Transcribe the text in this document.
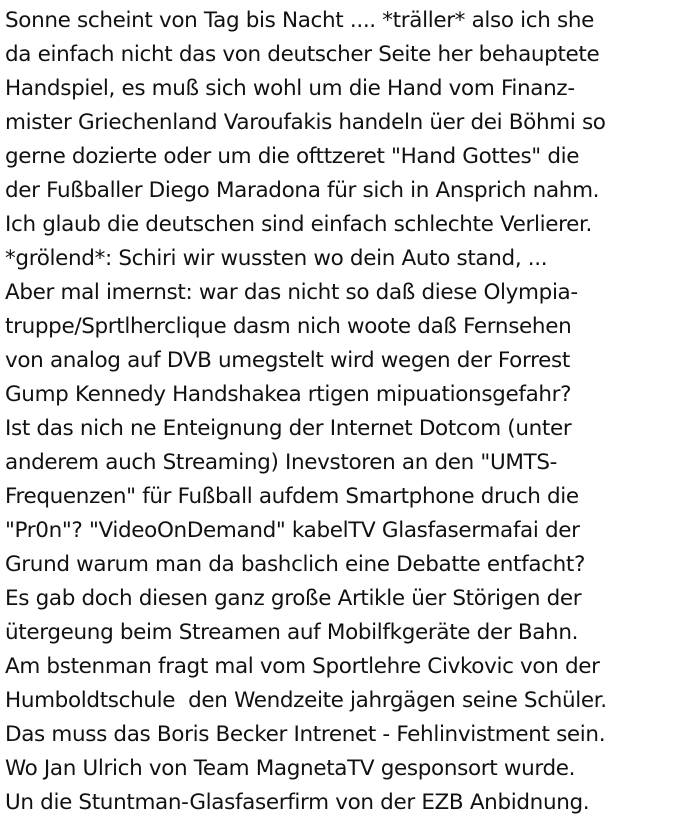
Sonne scheint von Tag bis Nacht .... *träller* also ich she
da einfach nicht das von deutscher Seite her behauptete
Handspiel, es muß sich wohl um die Hand vom Finanz-
mister Griechenland Varoufakis handeln üer dei Böhmi so
gerne dozierte oder um die ofttzeret "Hand Gottes" die
der Fußballer Diego Maradona für sich in Ansprich nahm.
Ich glaub die deutschen sind einfach schlechte Verlierer.
*grölend*: Schiri wir wussten wo dein Auto stand, ...
Aber mal imernst: war das nicht so daß diese Olympia-
truppe/Sprtlherclique dasm nich woote daß Fernsehen
von analog auf DVB umegstelt wird wegen der Forrest
Gump Kennedy Handshakea rtigen mipuationsgefahr?
Ist das nich ne Enteignung der Internet Dotcom (unter
anderem auch Streaming) Inevstoren an den "UMTS-
Frequenzen" für Fußball aufdem Smartphone druch die
"Pr0n"? "VideoOnDemand" kabelTV Glasfasermafai der
Grund warum man da bashclich eine Debatte entfacht?
Es gab doch diesen ganz große Artikle üer Störigen der
ütergeung beim Streamen auf Mobilfkgeräte der Bahn.
Am bstenman fragt mal vom Sportlehre Civkovic von der
Humboldtschule  den Wendzeite jahrgägen seine Schüler.
Das muss das Boris Becker Intrenet - Fehlinvistment sein.
Wo Jan Ulrich von Team MagnetaTV gesponsort wurde.
Un die Stuntman-Glasfaserfirm von der EZB Anbidnung.
